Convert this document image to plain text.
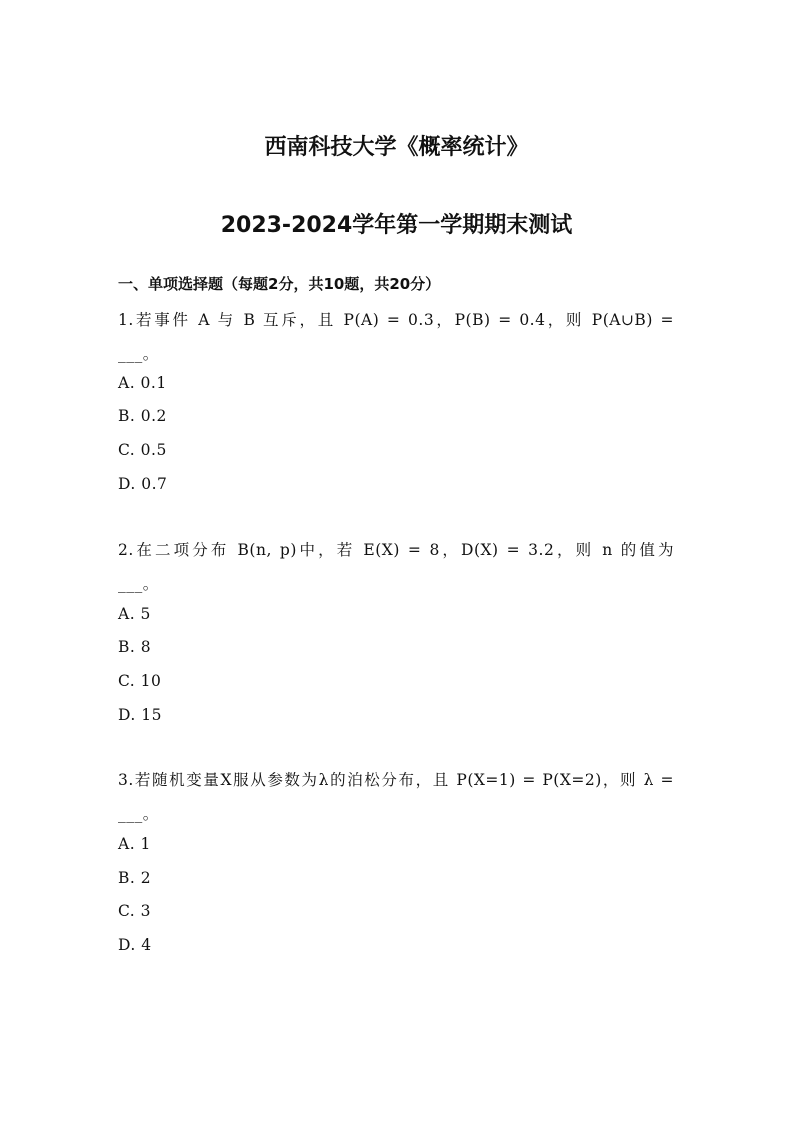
西南科技大学《概率统计》
2023-2024学年第一学期期末测试
一、单项选择题（每题2分，共10题，共20分）
1.若事件 A 与 B 互斥，且 P(A) = 0.3，P(B) = 0.4，则 P(A∪B) =
___。
A. 0.1
B. 0.2
C. 0.5
D. 0.7
2.在二项分布 B(n, p)中，若 E(X) = 8，D(X) = 3.2，则 n 的值为
___。
A. 5
B. 8
C. 10
D. 15
3.若随机变量X服从参数为λ的泊松分布，且 P(X=1) = P(X=2)，则 λ =
___。
A. 1
B. 2
C. 3
D. 4
